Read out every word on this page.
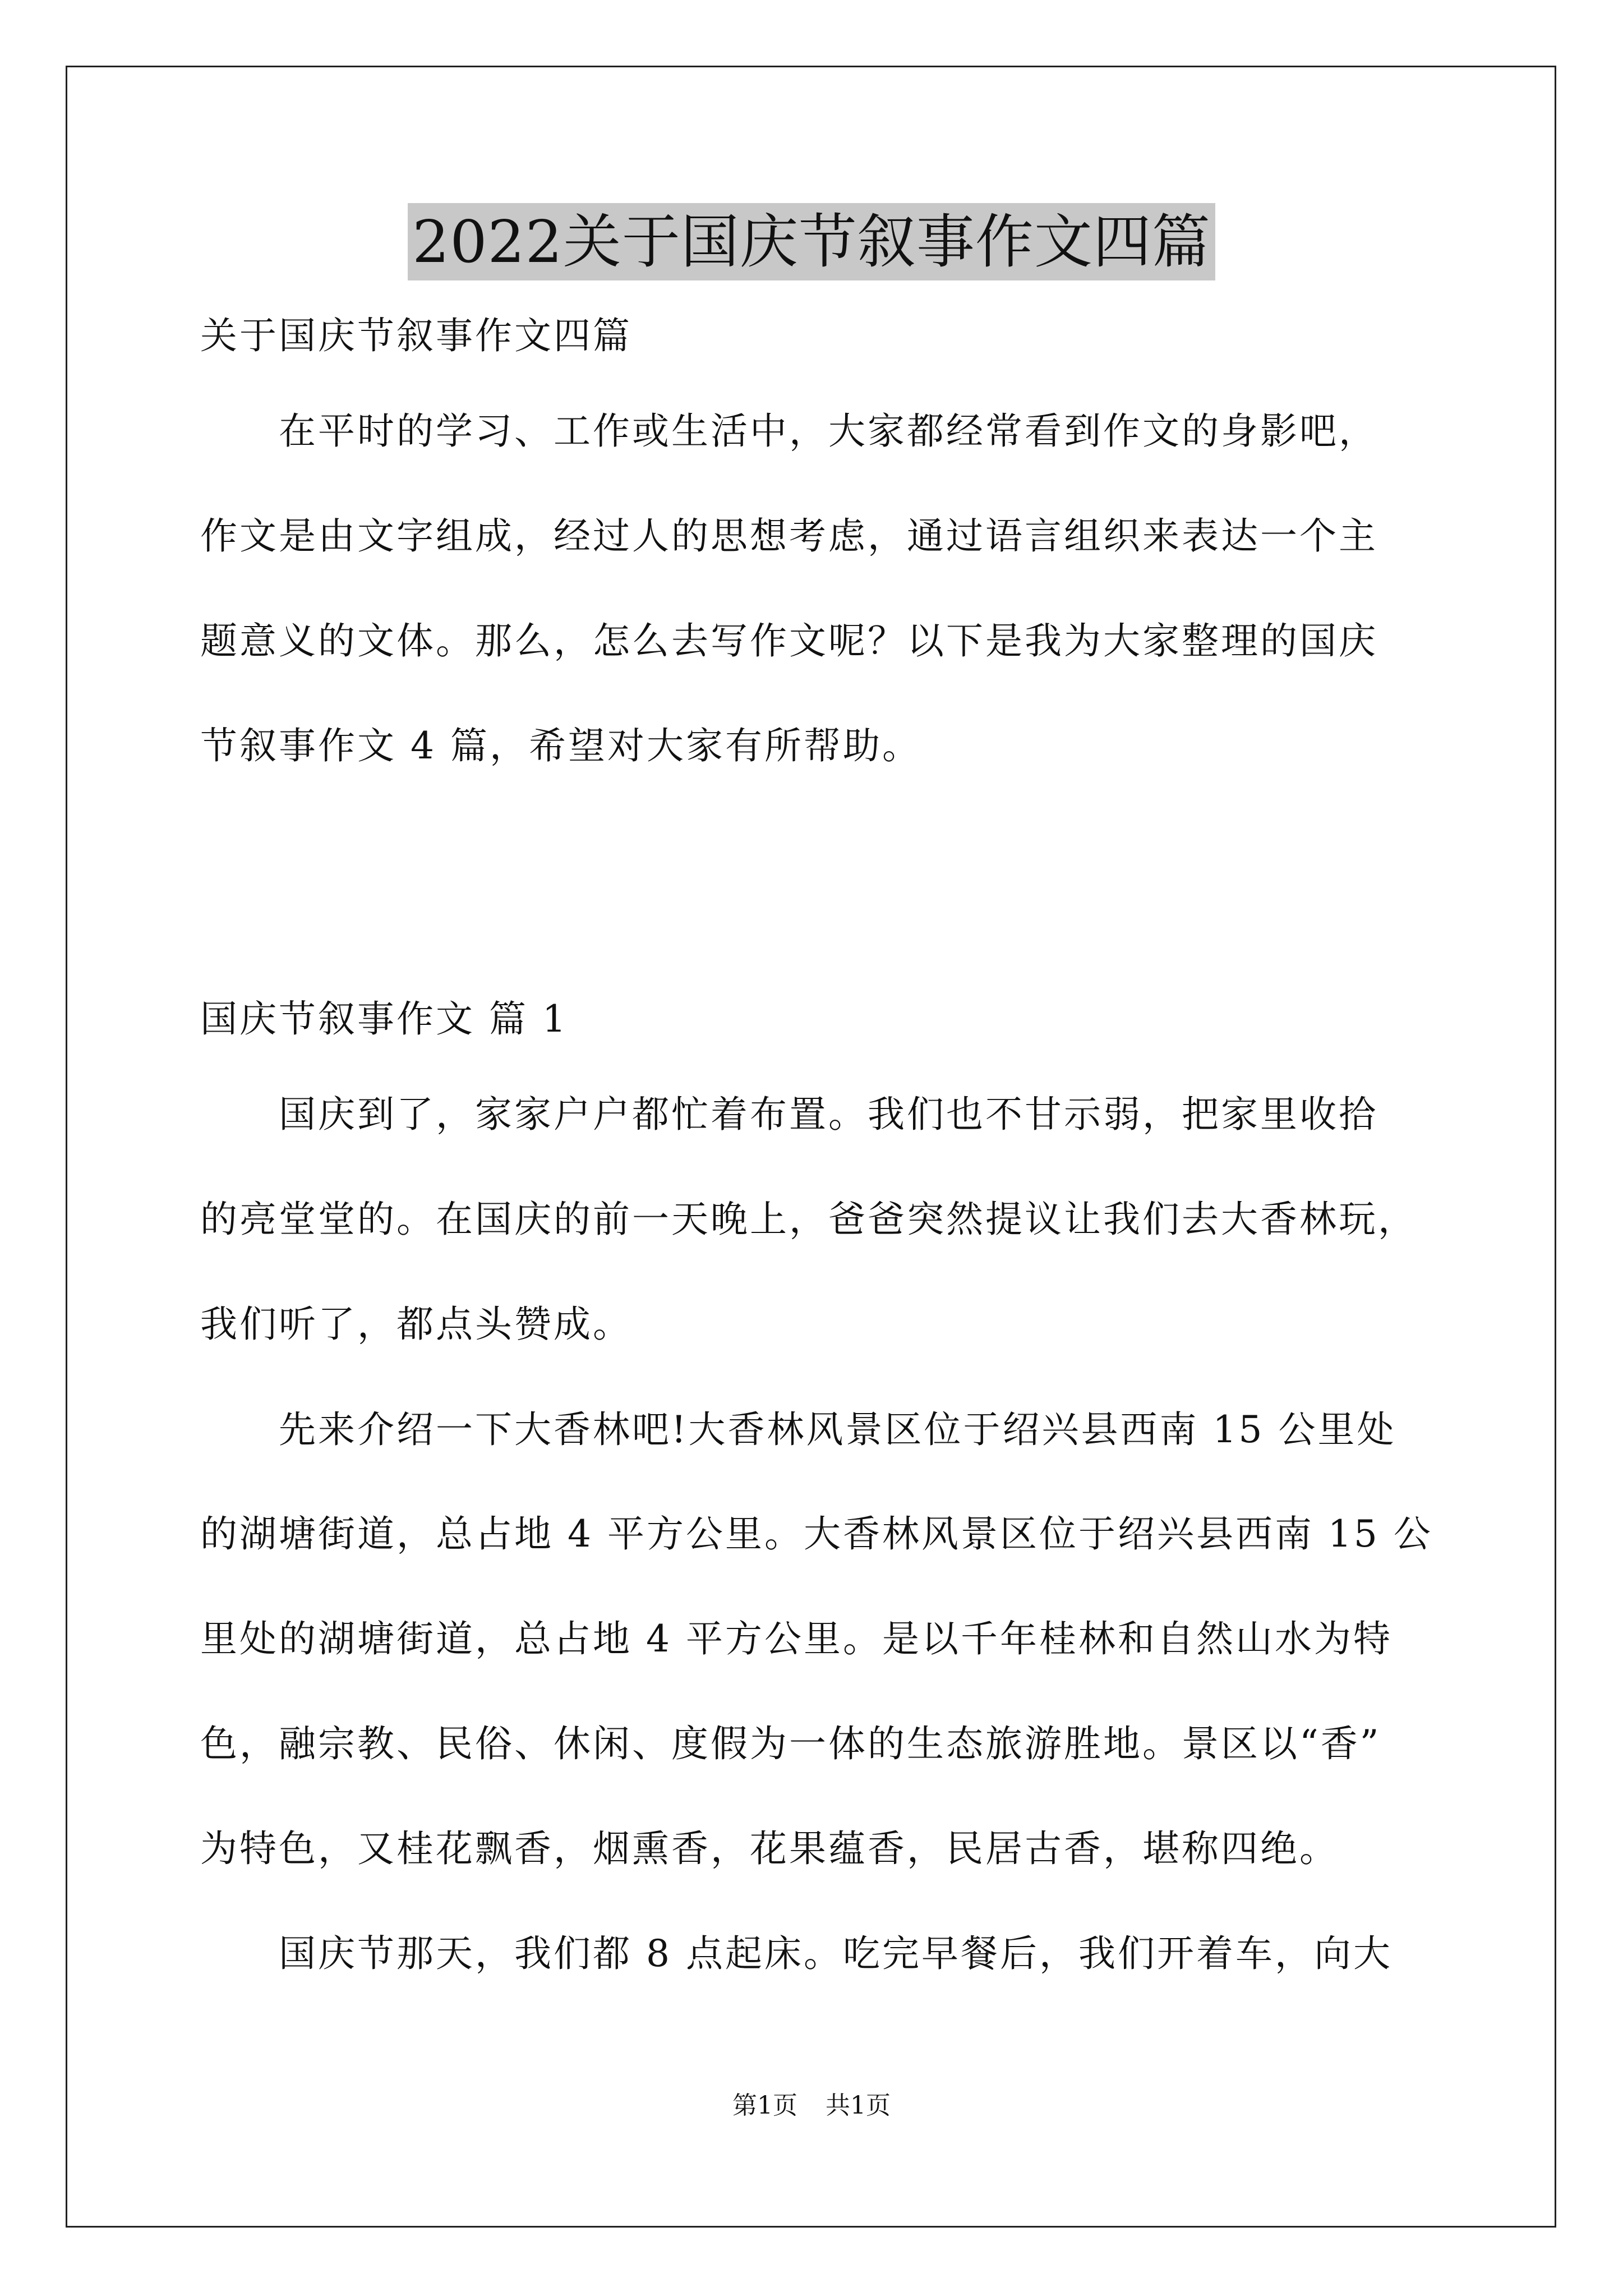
2022关于国庆节叙事作文四篇
关于国庆节叙事作文四篇
　　在平时的学习、工作或生活中，大家都经常看到作文的身影吧，
作文是由文字组成，经过人的思想考虑，通过语言组织来表达一个主
题意义的文体。那么，怎么去写作文呢？以下是我为大家整理的国庆
节叙事作文 4 篇，希望对大家有所帮助。
国庆节叙事作文 篇 1
　　国庆到了，家家户户都忙着布置。我们也不甘示弱，把家里收拾
的亮堂堂的。在国庆的前一天晚上，爸爸突然提议让我们去大香林玩，
我们听了，都点头赞成。
　　先来介绍一下大香林吧!大香林风景区位于绍兴县西南 15 公里处
的湖塘街道，总占地 4 平方公里。大香林风景区位于绍兴县西南 15 公
里处的湖塘街道，总占地 4 平方公里。是以千年桂林和自然山水为特
色，融宗教、民俗、休闲、度假为一体的生态旅游胜地。景区以“香”
为特色，又桂花飘香，烟熏香，花果蕴香，民居古香，堪称四绝。
　　国庆节那天，我们都 8 点起床。吃完早餐后，我们开着车，向大
第1页 共1页
